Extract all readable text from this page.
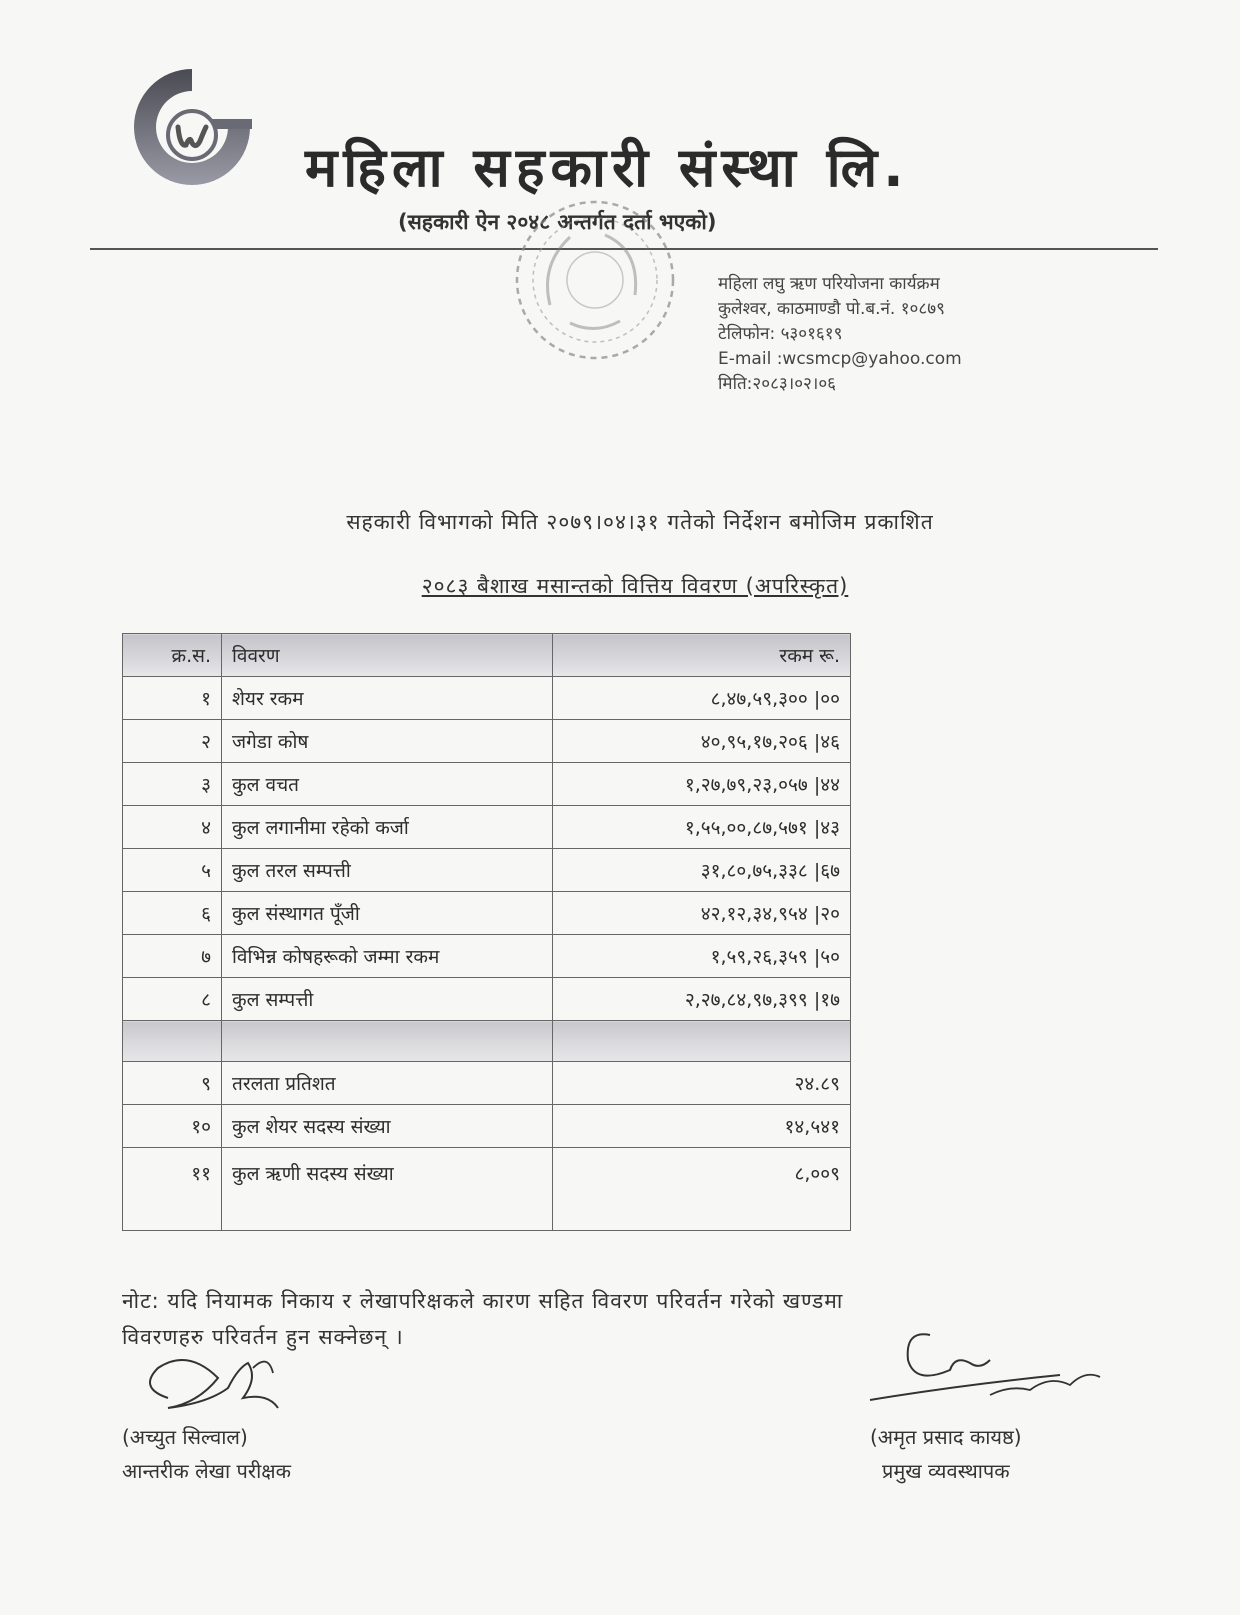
महिला सहकारी संस्था लि.
(सहकारी ऐन २०४८ अन्तर्गत दर्ता भएको)
महिला लघु ऋण परियोजना कार्यक्रम
कुलेश्वर, काठमाण्डौ पो.ब.नं. १०८७९
टेलिफोन: ५३०१६१९
E-mail :wcsmcp@yahoo.com
मिति:२०८३।०२।०६
सहकारी विभागको मिति २०७९।०४।३१ गतेको निर्देशन बमोजिम प्रकाशित
२०८३ बैशाख मसान्तको वित्तिय विवरण (अपरिस्कृत)
क्र.स.	विवरण	रकम रू.
१	शेयर रकम	८,४७,५९,३०० |००
२	जगेडा कोष	४०,९५,१७,२०६ |४६
३	कुल वचत	१,२७,७९,२३,०५७ |४४
४	कुल लगानीमा रहेको कर्जा	१,५५,००,८७,५७१ |४३
५	कुल तरल सम्पत्ती	३१,८०,७५,३३८ |६७
६	कुल संस्थागत पूँजी	४२,१२,३४,९५४ |२०
७	विभिन्न कोषहरूको जम्मा रकम	१,५९,२६,३५९ |५०
८	कुल सम्पत्ती	२,२७,८४,९७,३९९ |१७

९	तरलता प्रतिशत	२४.८९
१०	कुल शेयर सदस्य संख्या	१४,५४१
११	कुल ऋणी सदस्य संख्या	८,००९
नोट: यदि नियामक निकाय र लेखापरिक्षकले कारण सहित विवरण परिवर्तन गरेको खण्डमा
विवरणहरु परिवर्तन हुन सक्नेछन् ।
(अच्युत सिल्वाल)
आन्तरीक लेखा परीक्षक
(अमृत प्रसाद कायष्ठ)
प्रमुख व्यवस्थापक
